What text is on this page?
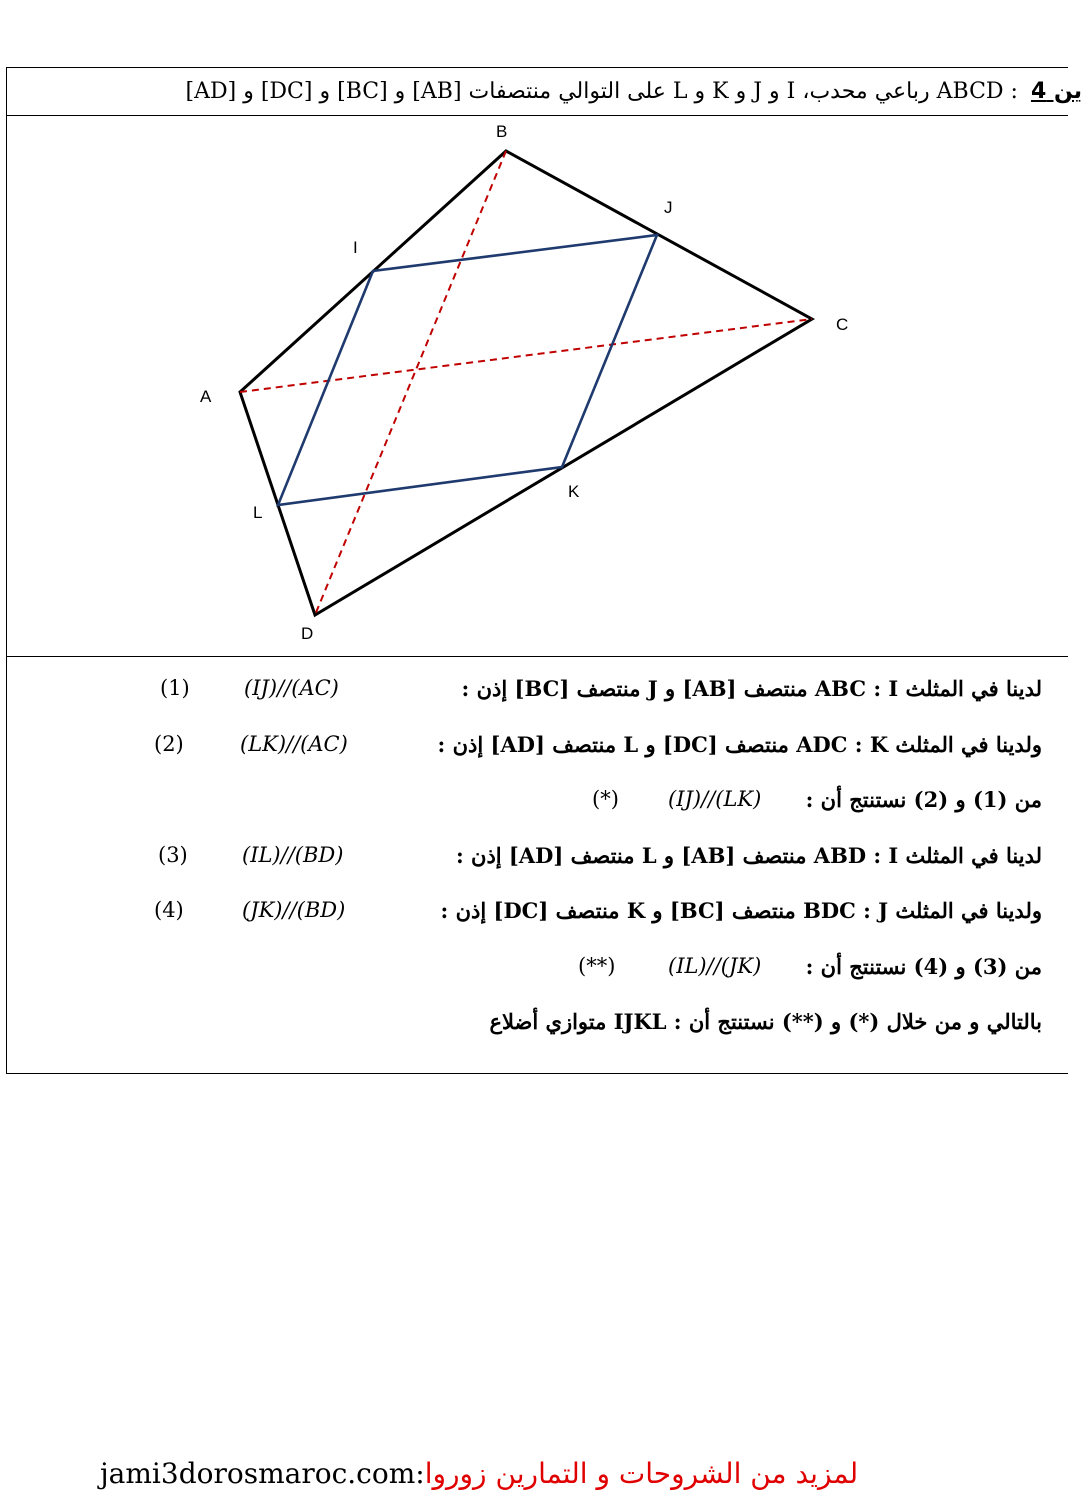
ين 4 : ABCD رباعي محدب، I و J و K و L على التوالي منتصفات [AB] و [BC] و [DC] و [AD]
A
B
C
D
I
J
K
L
لدينا في المثلث ABC : I منتصف [AB] و J منتصف [BC] إذن :
(IJ)//(AC)
(1)
ولدينا في المثلث ADC : K منتصف [DC] و L منتصف [AD] إذن :
(LK)//(AC)
(2)
من (1) و (2) نستنتج أن :
(IJ)//(LK)
(*)
لدينا في المثلث ABD : I منتصف [AB] و L منتصف [AD] إذن :
(IL)//(BD)
(3)
ولدينا في المثلث BDC : J منتصف [BC] و K منتصف [DC] إذن :
(JK)//(BD)
(4)
من (3) و (4) نستنتج أن :
(IL)//(JK)
(**)
بالتالي و من خلال (*) و (**) نستنتج أن : IJKL متوازي أضلاع
jami3dorosmaroc.com:لمزيد من الشروحات و التمارين زوروا
